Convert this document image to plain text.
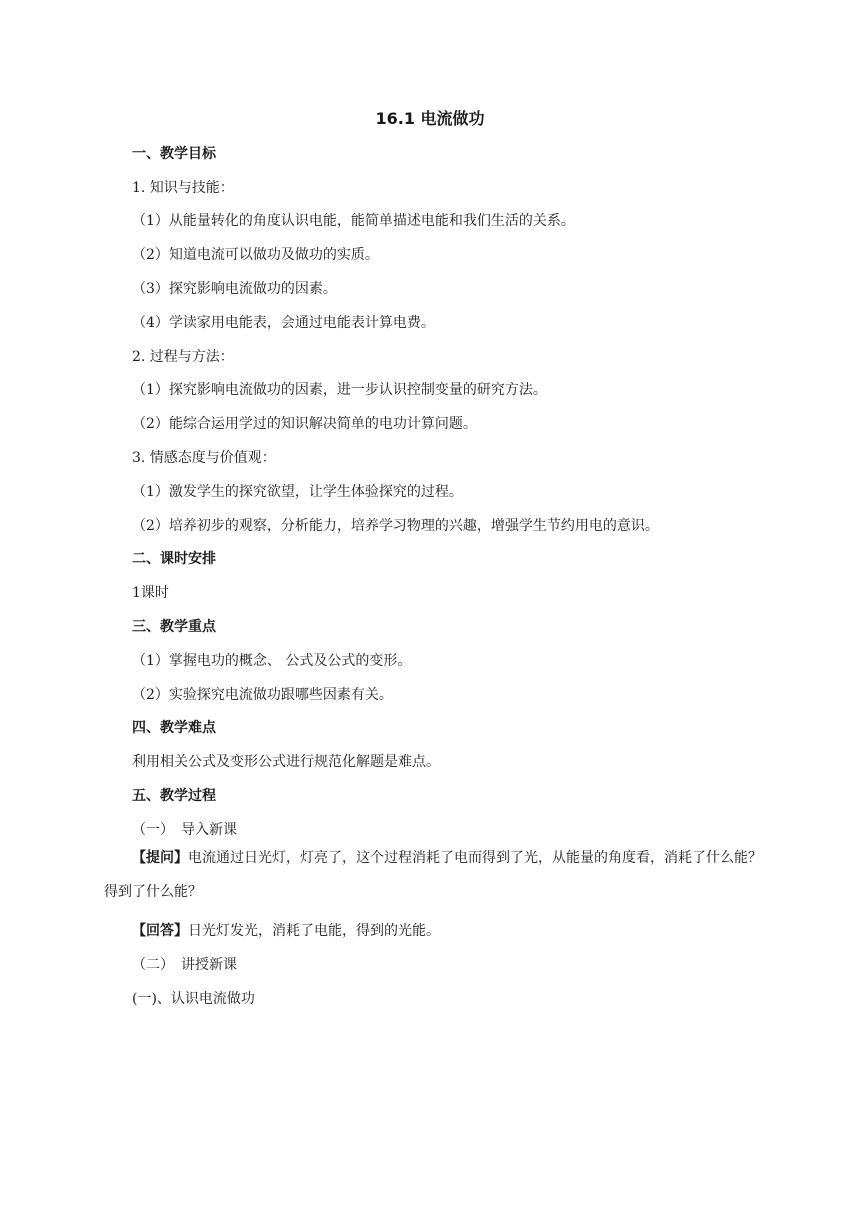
16.1 电流做功
一、教学目标
1. 知识与技能：
（1）从能量转化的角度认识电能，能简单描述电能和我们生活的关系。
（2）知道电流可以做功及做功的实质。
（3）探究影响电流做功的因素。
（4）学读家用电能表，会通过电能表计算电费。
2. 过程与方法：
（1）探究影响电流做功的因素，进一步认识控制变量的研究方法。
（2）能综合运用学过的知识解决简单的电功计算问题。
3. 情感态度与价值观：
（1）激发学生的探究欲望，让学生体验探究的过程。
（2）培养初步的观察，分析能力，培养学习物理的兴趣，增强学生节约用电的意识。
二、课时安排
1课时
三、教学重点
（1）掌握电功的概念、 公式及公式的变形。
（2）实验探究电流做功跟哪些因素有关。
四、教学难点
利用相关公式及变形公式进行规范化解题是难点。
五、教学过程
（一）　导入新课
【提问】电流通过日光灯，灯亮了，这个过程消耗了电而得到了光，从能量的角度看，消耗了什么能？得到了什么能？
【回答】日光灯发光，消耗了电能，得到的光能。
（二）　讲授新课
(一)、认识电流做功
